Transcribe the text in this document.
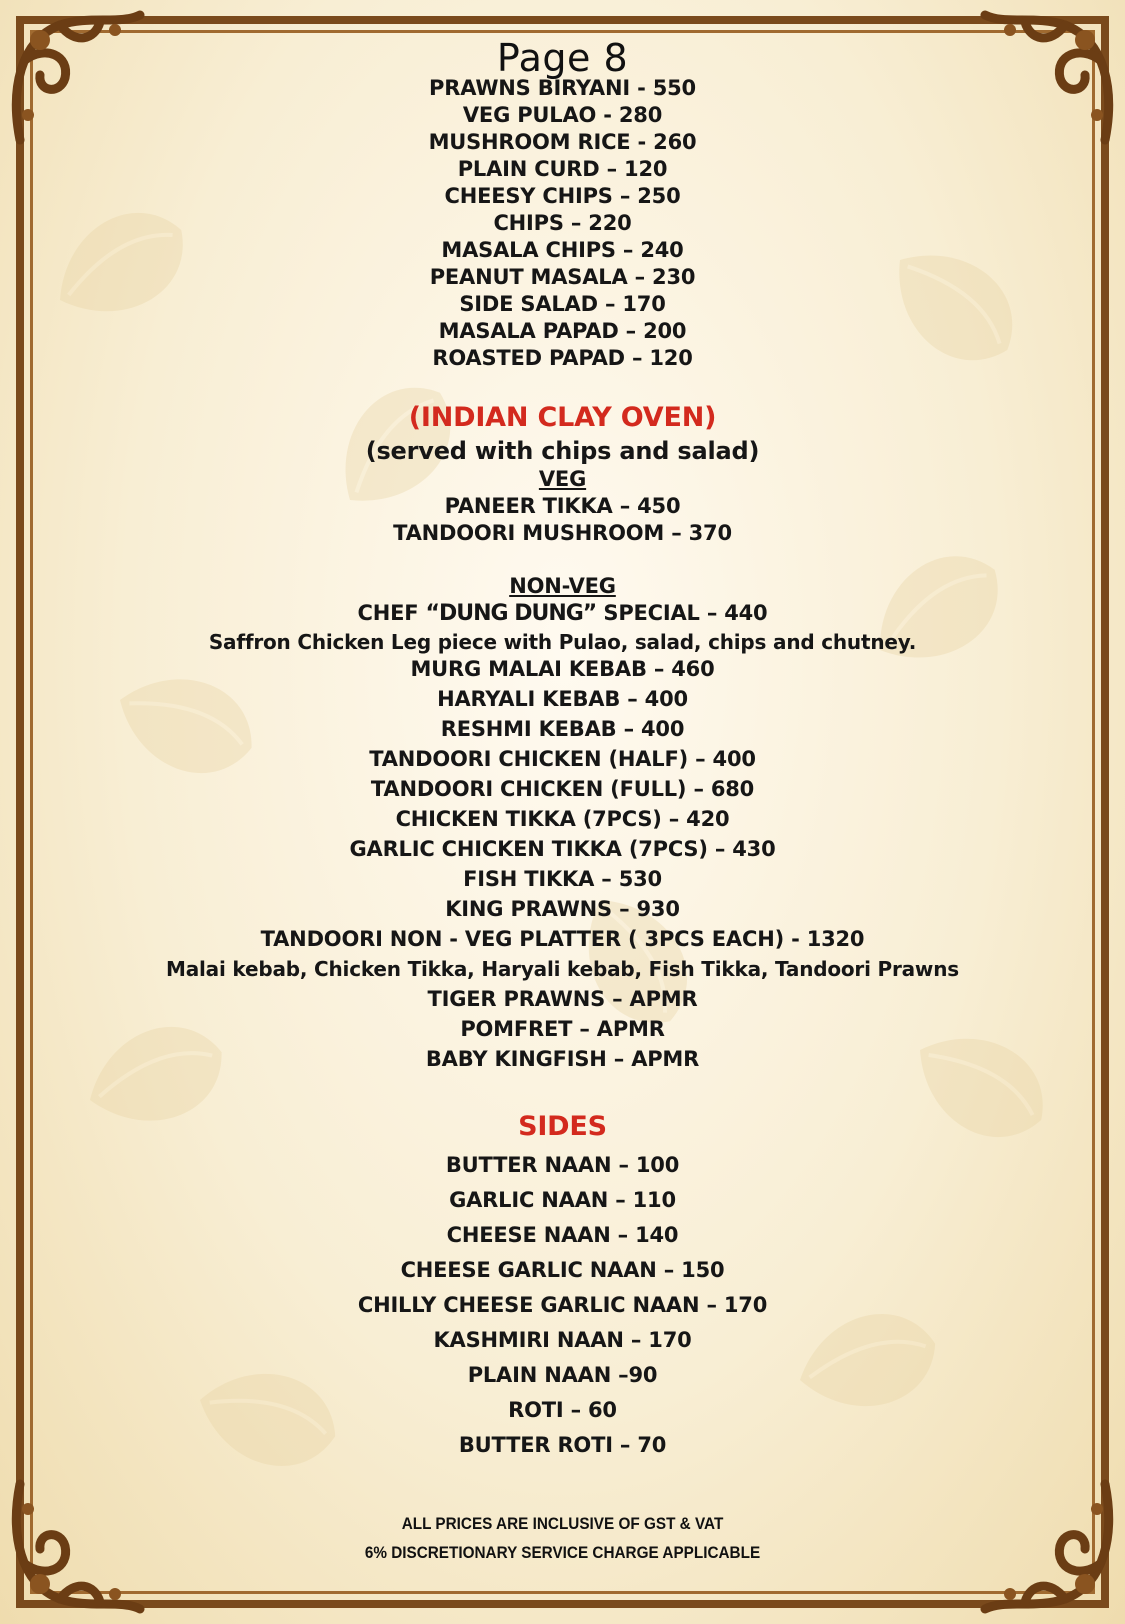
Page 8
PRAWNS BIRYANI - 550
VEG PULAO - 280
MUSHROOM RICE - 260
PLAIN CURD – 120
CHEESY CHIPS – 250
CHIPS – 220
MASALA CHIPS – 240
PEANUT MASALA – 230
SIDE SALAD – 170
MASALA PAPAD – 200
ROASTED PAPAD – 120
(INDIAN CLAY OVEN)
(served with chips and salad)
VEG
PANEER TIKKA – 450
TANDOORI MUSHROOM – 370
NON-VEG
CHEF “DUNG DUNG” SPECIAL – 440
Saffron Chicken Leg piece with Pulao, salad, chips and chutney.
MURG MALAI KEBAB – 460
HARYALI KEBAB – 400
RESHMI KEBAB – 400
TANDOORI CHICKEN (HALF) – 400
TANDOORI CHICKEN (FULL) – 680
CHICKEN TIKKA (7PCS) – 420
GARLIC CHICKEN TIKKA (7PCS) – 430
FISH TIKKA – 530
KING PRAWNS – 930
TANDOORI NON - VEG PLATTER ( 3PCS EACH) - 1320
Malai kebab, Chicken Tikka, Haryali kebab, Fish Tikka, Tandoori Prawns
TIGER PRAWNS – APMR
POMFRET – APMR
BABY KINGFISH – APMR
SIDES
BUTTER NAAN – 100
GARLIC NAAN – 110
CHEESE NAAN – 140
CHEESE GARLIC NAAN – 150
CHILLY CHEESE GARLIC NAAN – 170
KASHMIRI NAAN – 170
PLAIN NAAN –90
ROTI – 60
BUTTER ROTI – 70
ALL PRICES ARE INCLUSIVE OF GST & VAT
6% DISCRETIONARY SERVICE CHARGE APPLICABLE
